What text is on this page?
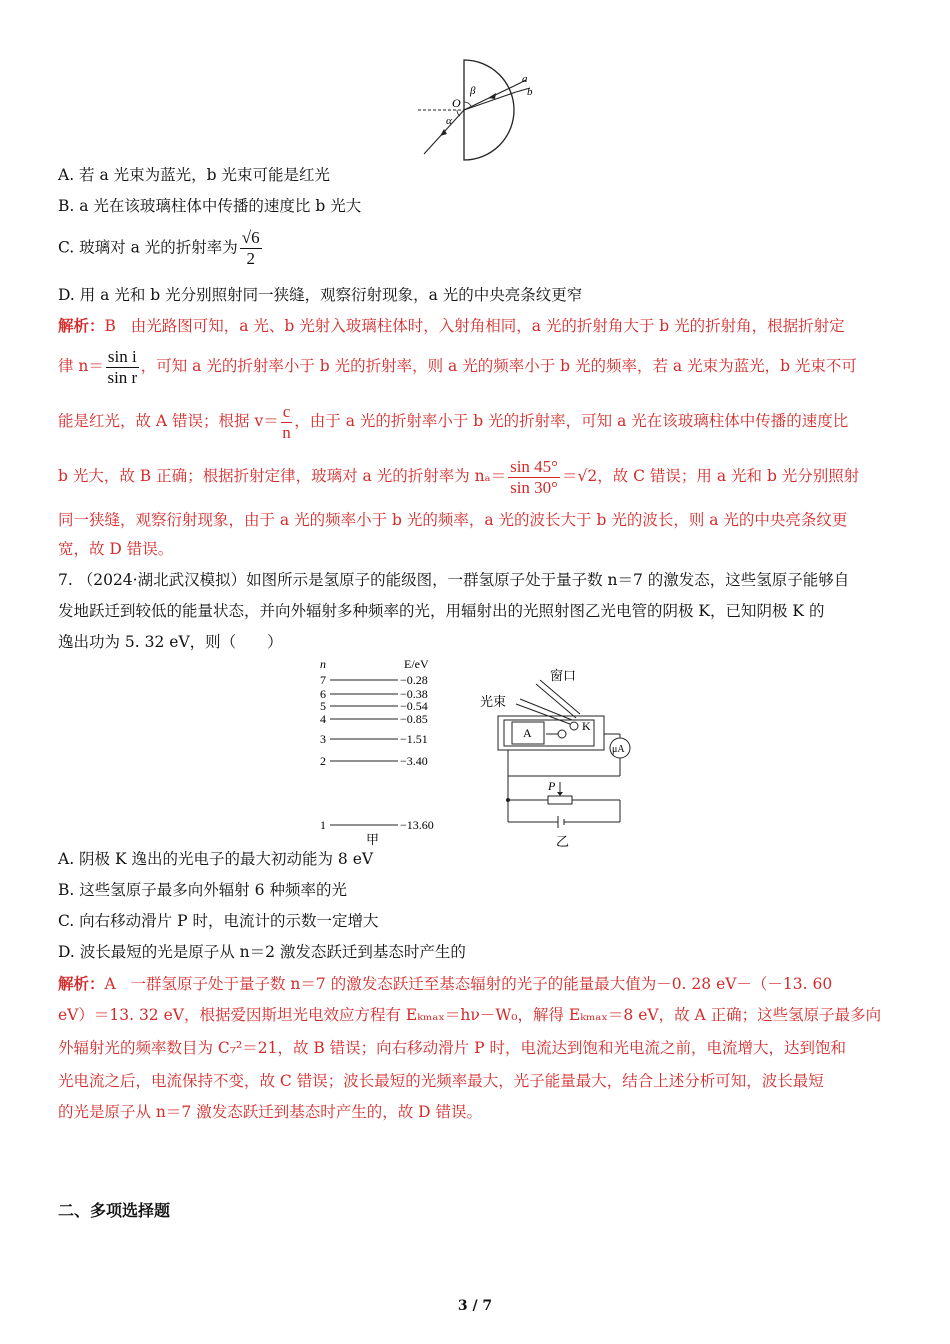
O
α
β
a
b
A. 若 a 光束为蓝光，b 光束可能是红光
B. a 光在该玻璃柱体中传播的速度比 b 光大
C. 玻璃对 a 光的折射率为 $\frac{√6}{2}$
D. 用 a 光和 b 光分别照射同一狭缝，观察衍射现象，a 光的中央亮条纹更窄
解析：B 由光路图可知，a 光、b 光射入玻璃柱体时，入射角相同，a 光的折射角大于 b 光的折射角，根据折射定
律 $n= \frac{\text{sin i}}{\text{sin r}}$ ，可知 a 光的折射率小于 b 光的折射率，则 a 光的频率小于 b 光的频率，若 a 光束为蓝光，b 光束不可
能是红光，故 A 错误；根据 $v= \frac{c}{n}$ ，由于 a 光的折射率小于 b 光的折射率，可知 a 光在该玻璃柱体中传播的速度比
b 光大，故 B 正确；根据折射定律，玻璃对 a 光的折射率为 $n_a= \frac{\sin 45^\circ}{\sin 30^\circ} =√2$，故 C 错误；用 a 光和 b 光分别照射
同一狭缝，观察衍射现象，由于 a 光的频率小于 b 光的频率，a 光的波长大于 b 光的波长，则 a 光的中央亮条纹更
宽，故 D 错误。
7. （2024·湖北武汉模拟）如图所示是氢原子的能级图，一群氢原子处于量子数 n＝7 的激发态，这些氢原子能够自
发地跃迁到较低的能量状态，并向外辐射多种频率的光，用辐射出的光照射图乙光电管的阴极 K，已知阴极 K 的
逸出功为 5. 32 eV，则（　　）
n	E/eV
7	−0.28
6	−0.38
5	−0.54
4	−0.85
3	−1.51
2	−3.40
1	−13.60
甲
窗口
光束
A	K
μA
P
乙
A. 阴极 K 逸出的光电子的最大初动能为 8 eV
B. 这些氢原子最多向外辐射 6 种频率的光
C. 向右移动滑片 P 时，电流计的示数一定增大
D. 波长最短的光是原子从 n＝2 激发态跃迁到基态时产生的
解析：A 一群氢原子处于量子数 n＝7 的激发态跃迁至基态辐射的光子的能量最大值为－0. 28 eV－（－13. 60
eV）＝13. 32 eV，根据爱因斯坦光电效应方程有 Eₖₘₐₓ＝hν－W₀，解得 Eₖₘₐₓ＝8 eV，故 A 正确；这些氢原子最多向
外辐射光的频率数目为 C₇²＝21，故 B 错误；向右移动滑片 P 时，电流达到饱和光电流之前，电流增大，达到饱和
光电流之后，电流保持不变，故 C 错误；波长最短的光频率最大，光子能量最大，结合上述分析可知，波长最短
的光是原子从 n＝7 激发态跃迁到基态时产生的，故 D 错误。
二、多项选择题
3 / 7
